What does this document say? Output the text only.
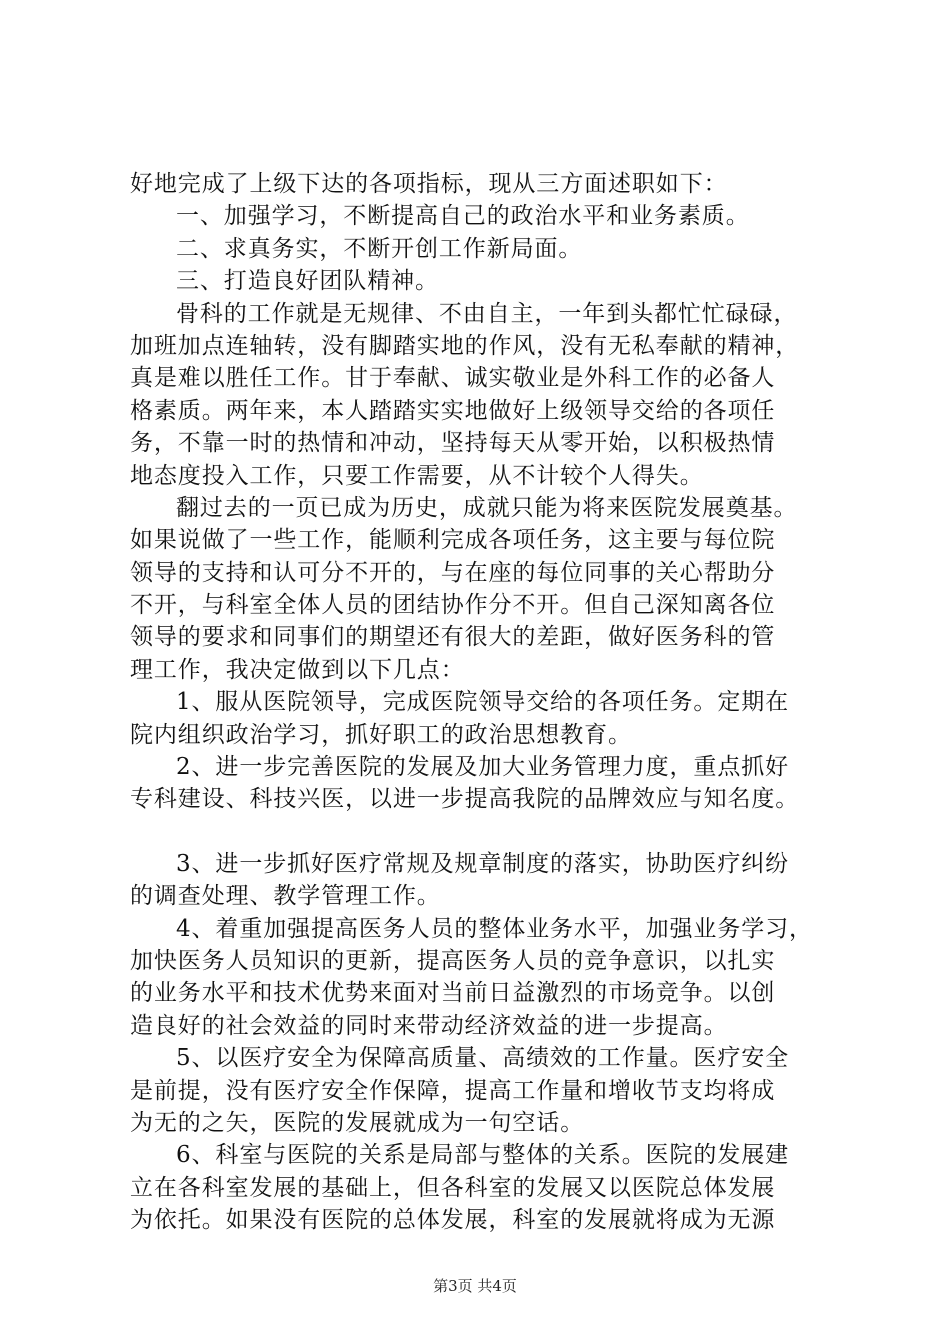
好地完成了上级下达的各项指标，现从三方面述职如下：
一、加强学习，不断提高自己的政治水平和业务素质。
二、求真务实，不断开创工作新局面。
三、打造良好团队精神。
骨科的工作就是无规律、不由自主，一年到头都忙忙碌碌，
加班加点连轴转，没有脚踏实地的作风，没有无私奉献的精神，
真是难以胜任工作。甘于奉献、诚实敬业是外科工作的必备人
格素质。两年来，本人踏踏实实地做好上级领导交给的各项任
务，不靠一时的热情和冲动，坚持每天从零开始，以积极热情
地态度投入工作，只要工作需要，从不计较个人得失。
翻过去的一页已成为历史，成就只能为将来医院发展奠基。
如果说做了一些工作，能顺利完成各项任务，这主要与每位院
领导的支持和认可分不开的，与在座的每位同事的关心帮助分
不开，与科室全体人员的团结协作分不开。但自己深知离各位
领导的要求和同事们的期望还有很大的差距，做好医务科的管
理工作，我决定做到以下几点：
1、服从医院领导，完成医院领导交给的各项任务。定期在
院内组织政治学习，抓好职工的政治思想教育。
2、进一步完善医院的发展及加大业务管理力度，重点抓好
专科建设、科技兴医，以进一步提高我院的品牌效应与知名度。
3、进一步抓好医疗常规及规章制度的落实，协助医疗纠纷
的调查处理、教学管理工作。
4、着重加强提高医务人员的整体业务水平，加强业务学习，
加快医务人员知识的更新，提高医务人员的竞争意识，以扎实
的业务水平和技术优势来面对当前日益激烈的市场竞争。以创
造良好的社会效益的同时来带动经济效益的进一步提高。
5、以医疗安全为保障高质量、高绩效的工作量。医疗安全
是前提，没有医疗安全作保障，提高工作量和增收节支均将成
为无的之矢，医院的发展就成为一句空话。
6、科室与医院的关系是局部与整体的关系。医院的发展建
立在各科室发展的基础上，但各科室的发展又以医院总体发展
为依托。如果没有医院的总体发展，科室的发展就将成为无源
第3页 共4页
